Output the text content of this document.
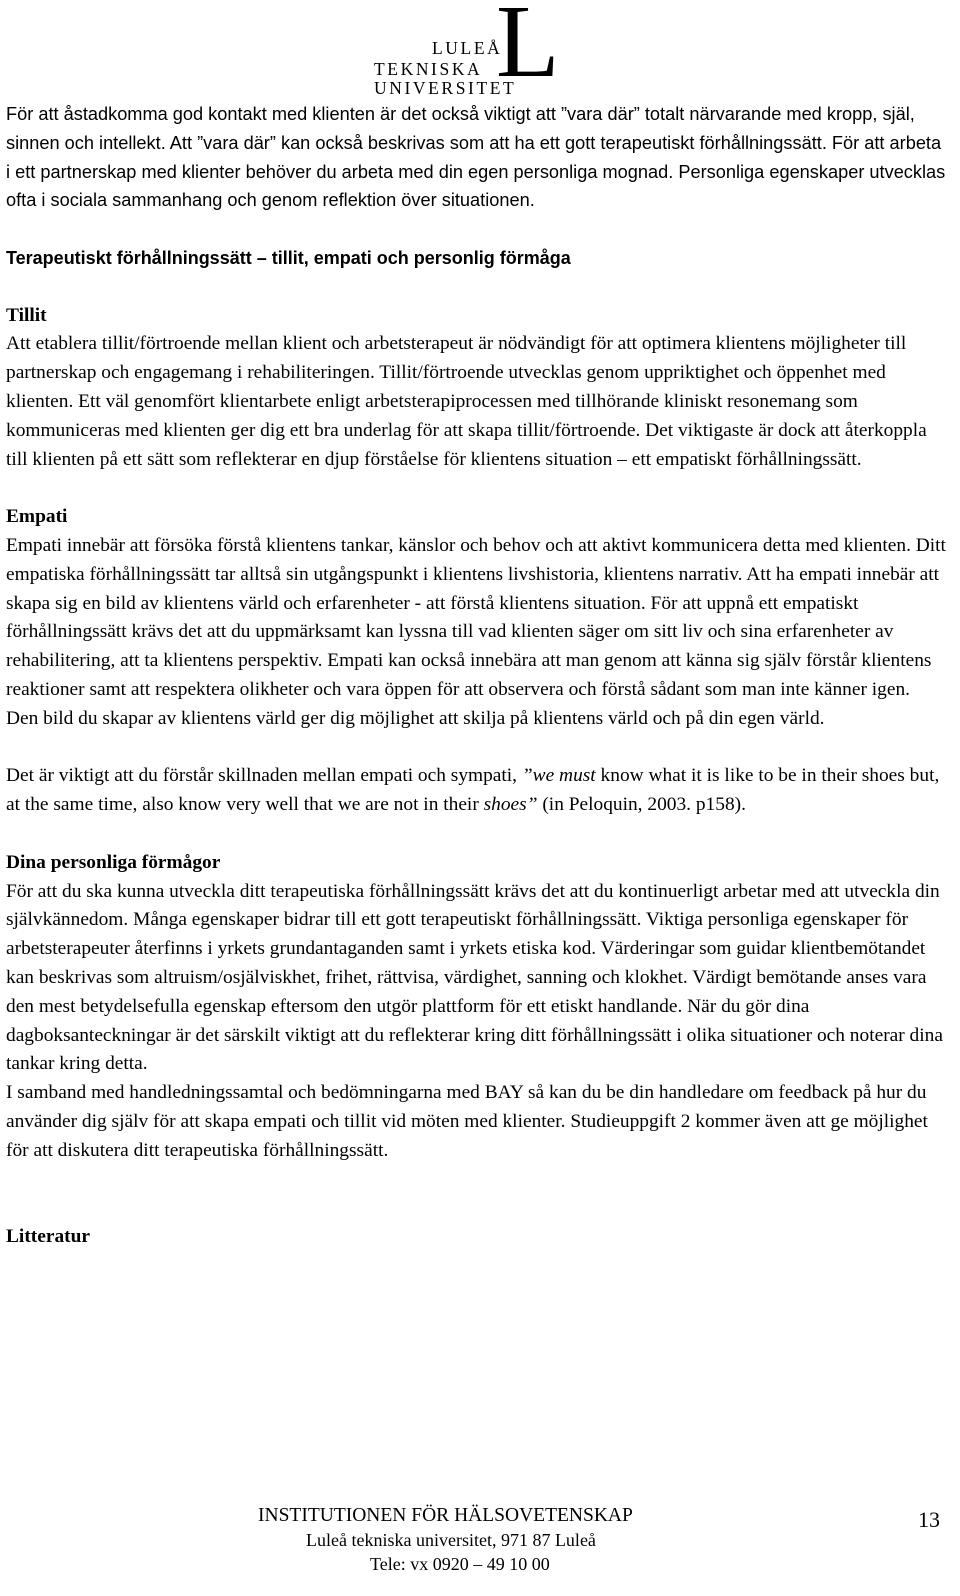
LULEÅ
TEKNISKA
UNIVERSITET
L

För att åstadkomma god kontakt med klienten är det också viktigt att ”vara där” totalt närvarande med kropp, själ, sinnen och intellekt. Att ”vara där” kan också beskrivas som att ha ett gott terapeutiskt förhållningssätt. För att arbeta i ett partnerskap med klienter behöver du arbeta med din egen personliga mognad. Personliga egenskaper utvecklas ofta i sociala sammanhang och genom reflektion över situationen.

Terapeutiskt förhållningssätt – tillit, empati och personlig förmåga

Tillit

Att etablera tillit/förtroende mellan klient och arbetsterapeut är nödvändigt för att optimera klientens möjligheter till partnerskap och engagemang i rehabiliteringen. Tillit/förtroende utvecklas genom uppriktighet och öppenhet med klienten. Ett väl genomfört klientarbete enligt arbetsterapiprocessen med tillhörande kliniskt resonemang som kommuniceras med klienten ger dig ett bra underlag för att skapa tillit/förtroende. Det viktigaste är dock att återkoppla till klienten på ett sätt som reflekterar en djup förståelse för klientens situation – ett empatiskt förhållningssätt.

Empati

Empati innebär att försöka förstå klientens tankar, känslor och behov och att aktivt kommunicera detta med klienten. Ditt empatiska förhållningssätt tar alltså sin utgångspunkt i klientens livshistoria, klientens narrativ. Att ha empati innebär att skapa sig en bild av klientens värld och erfarenheter - att förstå klientens situation. För att uppnå ett empatiskt förhållningssätt krävs det att du uppmärksamt kan lyssna till vad klienten säger om sitt liv och sina erfarenheter av rehabilitering, att ta klientens perspektiv. Empati kan också innebära att man genom att känna sig själv förstår klientens reaktioner samt att respektera olikheter och vara öppen för att observera och förstå sådant som man inte känner igen. Den bild du skapar av klientens värld ger dig möjlighet att skilja på klientens värld och på din egen värld.

Det är viktigt att du förstår skillnaden mellan empati och sympati, ”we must know what it is like to be in their shoes but, at the same time, also know very well that we are not in their shoes” (in Peloquin, 2003. p158).

Dina personliga förmågor

För att du ska kunna utveckla ditt terapeutiska förhållningssätt krävs det att du kontinuerligt arbetar med att utveckla din självkännedom. Många egenskaper bidrar till ett gott terapeutiskt förhållningssätt. Viktiga personliga egenskaper för arbetsterapeuter återfinns i yrkets grundantaganden samt i yrkets etiska kod. Värderingar som guidar klientbemötandet kan beskrivas som altruism/osjälviskhet, frihet, rättvisa, värdighet, sanning och klokhet. Värdigt bemötande anses vara den mest betydelsefulla egenskap eftersom den utgör plattform för ett etiskt handlande. När du gör dina dagboksanteckningar är det särskilt viktigt att du reflekterar kring ditt förhållningssätt i olika situationer och noterar dina tankar kring detta.

I samband med handledningssamtal och bedömningarna med BAY så kan du be din handledare om feedback på hur du använder dig själv för att skapa empati och tillit vid möten med klienter. Studieuppgift 2 kommer även att ge möjlighet för att diskutera ditt terapeutiska förhållningssätt.

Litteratur

INSTITUTIONEN FÖR HÄLSOVETENSKAP
Luleå tekniska universitet, 971 87 Luleå
Tele: vx 0920 – 49 10 00
13
